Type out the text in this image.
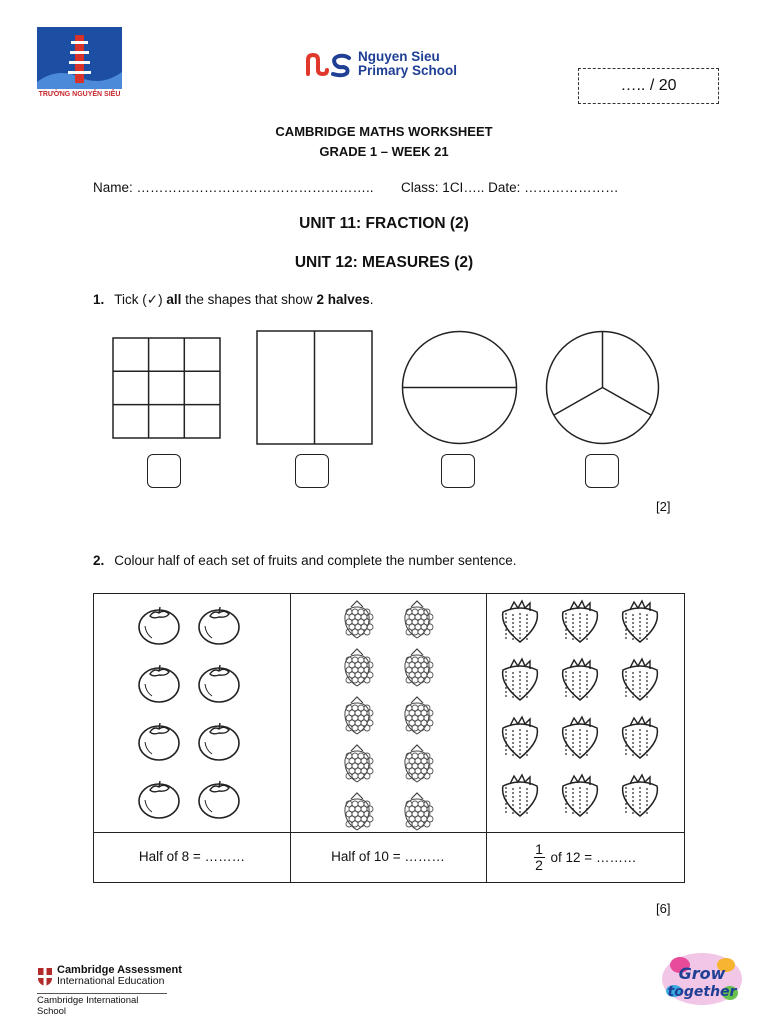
TRƯỜNG NGUYỄN SIÊU
Nguyen Sieu
Primary School
….. / 20
CAMBRIDGE MATHS WORKSHEET
GRADE 1 – WEEK 21
Name: …………………………………………….. Class: 1CI….. Date: …………………
UNIT 11: FRACTION (2)
UNIT 12: MEASURES (2)
1. Tick (✓) all the shapes that show 2 halves.
[2]
2. Colour half of each set of fruits and complete the number sentence.
Half of 8 = ………	Half of 10 = ………	$\frac{1}{2}$ of 12 = ………
[6]
Cambridge Assessment
International Education
Cambridge International School
Grow
together
